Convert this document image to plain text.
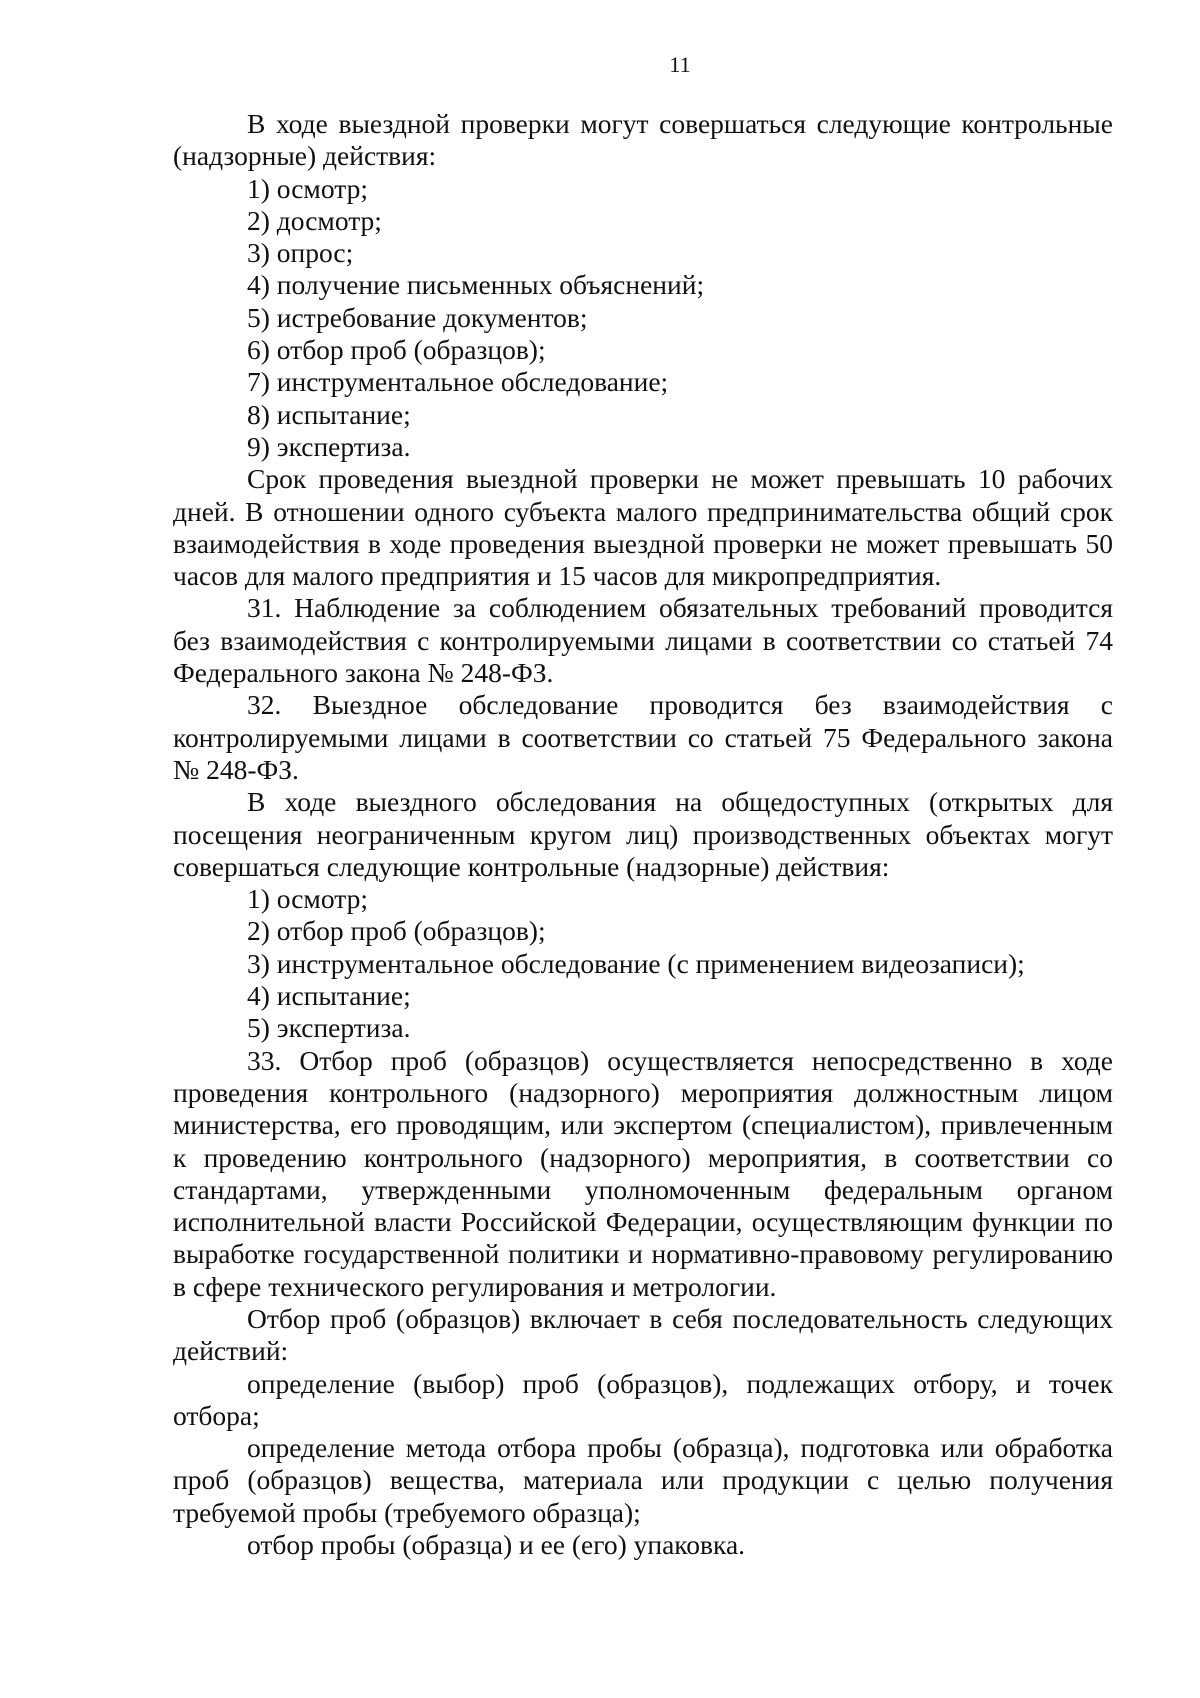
11

В ходе выездной проверки могут совершаться следующие контрольные (надзорные) действия:

1) осмотр;

2) досмотр;

3) опрос;

4) получение письменных объяснений;

5) истребование документов;

6) отбор проб (образцов);

7) инструментальное обследование;

8) испытание;

9) экспертиза.

Срок проведения выездной проверки не может превышать 10 рабочих дней. В отношении одного субъекта малого предпринимательства общий срок взаимодействия в ходе проведения выездной проверки не может превышать 50 часов для малого предприятия и 15 часов для микропредприятия.

31. Наблюдение за соблюдением обязательных требований проводится без взаимодействия с контролируемыми лицами в соответствии со статьей 74 Федерального закона № 248-ФЗ.

32. Выездное обследование проводится без взаимодействия с контролируемыми лицами в соответствии со статьей 75 Федерального закона № 248-ФЗ.

В ходе выездного обследования на общедоступных (открытых для посещения неограниченным кругом лиц) производственных объектах могут совершаться следующие контрольные (надзорные) действия:

1) осмотр;

2) отбор проб (образцов);

3) инструментальное обследование (с применением видеозаписи);

4) испытание;

5) экспертиза.

33. Отбор проб (образцов) осуществляется непосредственно в ходе проведения контрольного (надзорного) мероприятия должностным лицом министерства, его проводящим, или экспертом (специалистом), привлеченным к проведению контрольного (надзорного) мероприятия, в соответствии со стандартами, утвержденными уполномоченным федеральным органом исполнительной власти Российской Федерации, осуществляющим функции по выработке государственной политики и нормативно-правовому регулированию в сфере технического регулирования и метрологии.

Отбор проб (образцов) включает в себя последовательность следующих действий:

определение (выбор) проб (образцов), подлежащих отбору, и точек отбора;

определение метода отбора пробы (образца), подготовка или обработка проб (образцов) вещества, материала или продукции с целью получения требуемой пробы (требуемого образца);

отбор пробы (образца) и ее (его) упаковка.
